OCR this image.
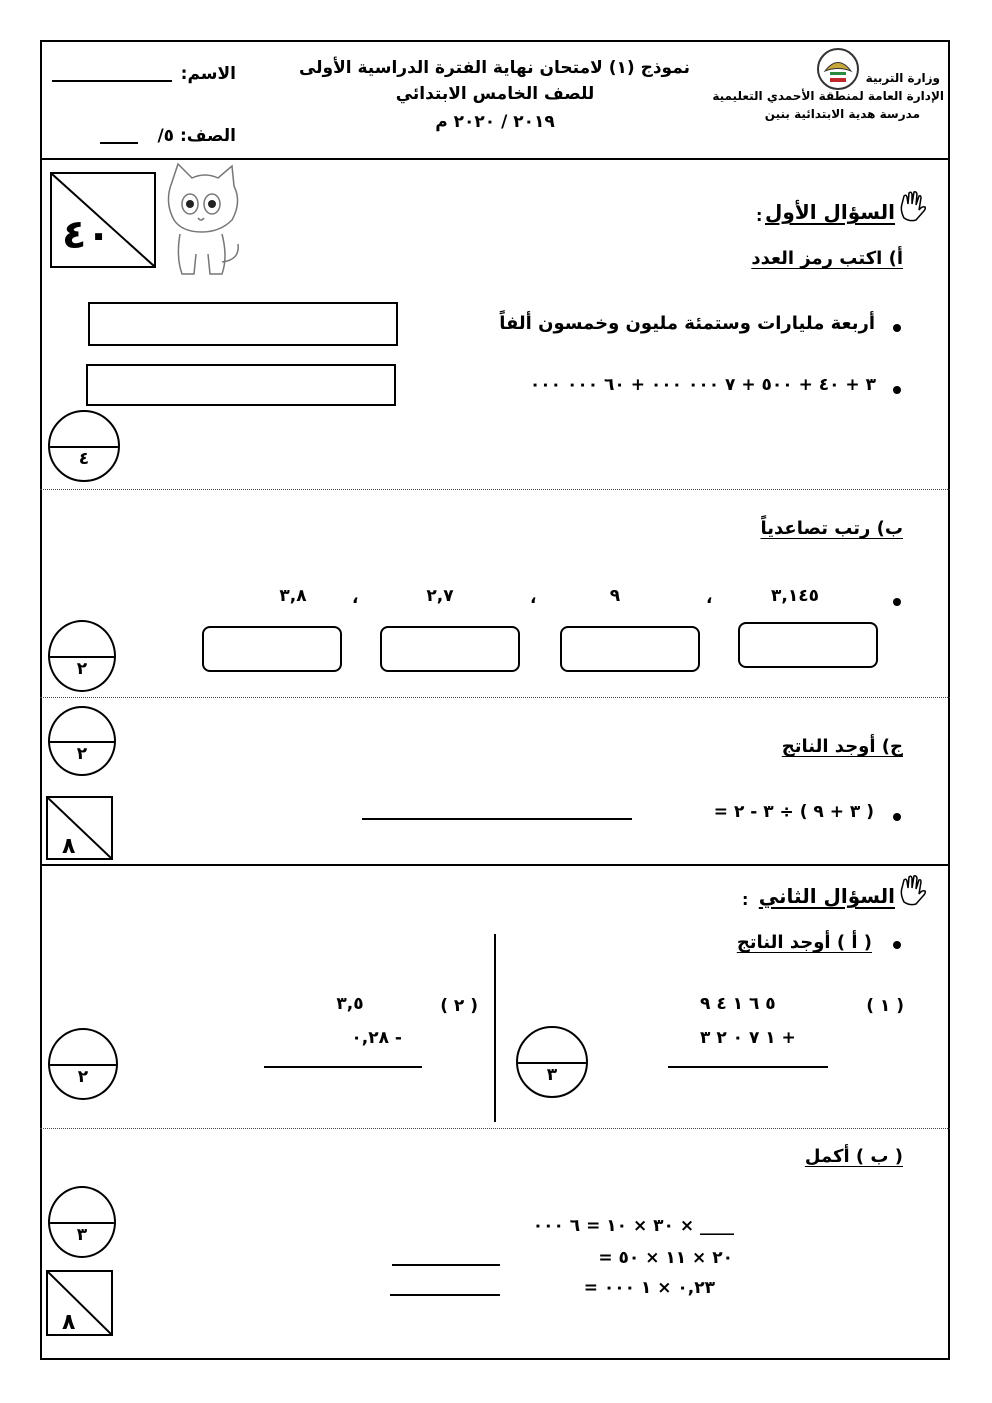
وزارة التربية
الإدارة العامة لمنطقة الأحمدي التعليمية
مدرسة هدية الابتدائية بنين
نموذج (١) لامتحان نهاية الفترة الدراسية الأولى
للصف الخامس الابتدائي
٢٠١٩ / ٢٠٢٠ م
الاسم:
الصف: ٥/
٤٠	السؤال الأول
:
أ) اكتب رمز العدد
أربعة مليارات وستمئة مليون وخمسون ألفاً
٣ + ٤٠ + ٥٠٠ + ٧ ٠٠٠ ٠٠٠ + ٦٠ ٠٠٠ ٠٠٠
٤
ب) رتب تصاعدياً
٣,١٤٥
،
٩
،
٢,٧
،
٣,٨
٢
٢	ج) أوجد الناتج
( ٣ + ٩ ) ÷ ٣ - ٢ =
٨
السؤال الثاني
:
( أ ) أوجد الناتج
( ١ )
٥ ٦ ١ ٤ ٩
+ ١ ٧ ٠ ٢ ٣
٣
( ٢ )
٣,٥
- ٠,٢٨
٢
( ب ) أكمل
٣	____ × ٣٠ × ١٠ = ٦ ٠٠٠
٢٠ × ١١ × ٥٠ =
٠,٢٣ × ١ ٠٠٠ =
٨
